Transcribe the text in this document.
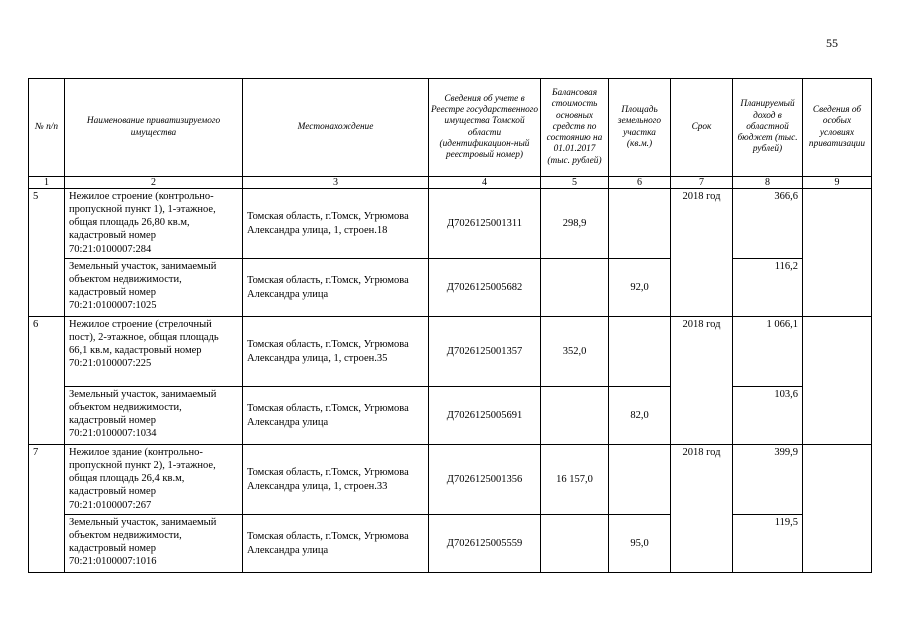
55
№ п/п	Наименование приватизируемого имущества	Местонахождение	Сведения об учете в Реестре государственного имущества Томской области (идентификацион-ный реестровый номер)	Балансовая стоимость основных средств по состоянию на 01.01.2017 (тыс. рублей)	Площадь земельного участка (кв.м.)	Срок	Планируемый доход в областной бюджет (тыс. рублей)	Сведения об особых условиях приватизации
1	2	3	4	5	6	7	8	9
5	Нежилое строение (контрольно-пропускной пункт 1), 1-этажное, общая площадь 26,80 кв.м, кадастровый номер 70:21:0100007:284	Томская область, г.Томск, Угрюмова Александра улица, 1, строен.18	Д7026125001311	298,9		2018 год	366,6	
	Земельный участок, занимаемый объектом недвижимости, кадастровый номер 70:21:0100007:1025	Томская область, г.Томск, Угрюмова Александра улица	Д7026125005682		92,0		116,2	
6	Нежилое строение (стрелочный пост), 2-этажное, общая площадь 66,1 кв.м, кадастровый номер 70:21:0100007:225	Томская область, г.Томск, Угрюмова Александра улица, 1, строен.35	Д7026125001357	352,0		2018 год	1 066,1	
	Земельный участок, занимаемый объектом недвижимости, кадастровый номер 70:21:0100007:1034	Томская область, г.Томск, Угрюмова Александра улица	Д7026125005691		82,0		103,6	
7	Нежилое здание (контрольно-пропускной пункт 2), 1-этажное, общая площадь 26,4 кв.м, кадастровый номер 70:21:0100007:267	Томская область, г.Томск, Угрюмова Александра улица, 1, строен.33	Д7026125001356	16 157,0		2018 год	399,9	
	Земельный участок, занимаемый объектом недвижимости, кадастровый номер 70:21:0100007:1016	Томская область, г.Томск, Угрюмова Александра улица	Д7026125005559		95,0		119,5	
